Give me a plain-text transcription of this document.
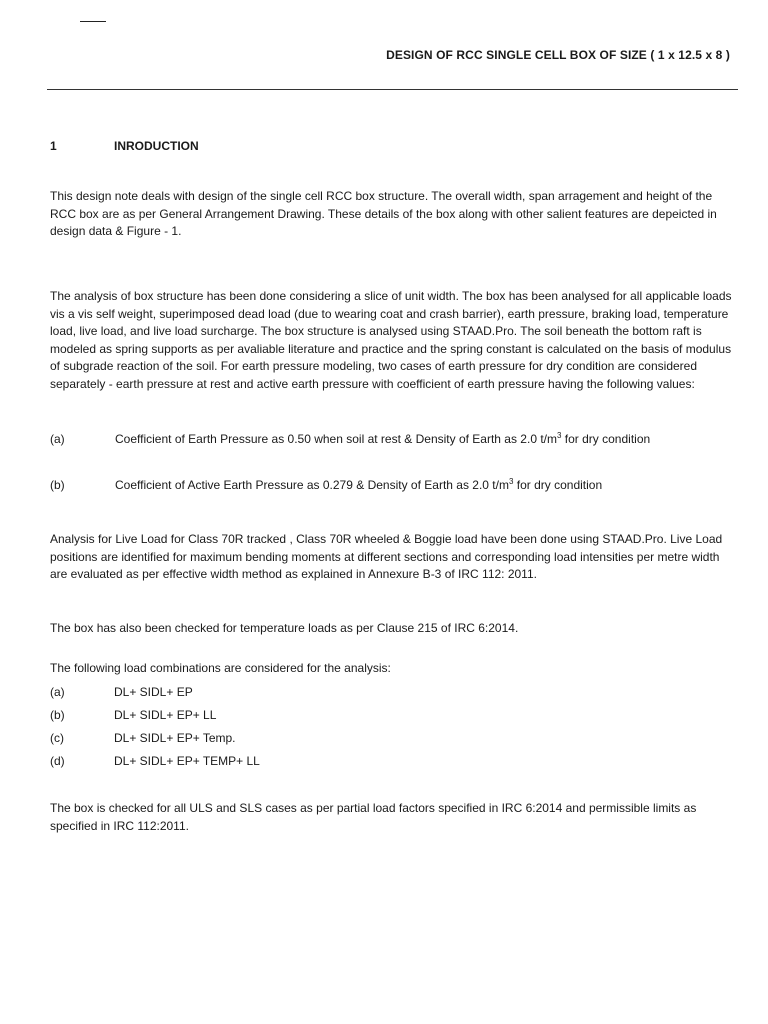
DESIGN OF RCC SINGLE CELL BOX OF SIZE ( 1 x 12.5 x 8 )
1	INRODUCTION

This design note deals with design of the single cell RCC box structure. The overall width, span arragement and height of the RCC box are as per General Arrangement Drawing. These details of the box along with other salient features are depeicted in design data & Figure - 1.

The analysis of box structure has been done considering a slice of unit width. The box has been analysed for all applicable loads vis a vis self weight, superimposed dead load (due to wearing coat and crash barrier), earth pressure, braking load, temperature load, live load, and live load surcharge. The box structure is analysed using STAAD.Pro. The soil beneath the bottom raft is modeled as spring supports as per avaliable literature and practice and the spring constant is calculated on the basis of modulus of subgrade reaction of the soil. For earth pressure modeling, two cases of earth pressure for dry condition are considered separately - earth pressure at rest and active earth pressure with coefficient of earth pressure having the following values:

(a)	Coefficient of Earth Pressure as 0.50 when soil at rest & Density of Earth as 2.0 $t/m^3$ for dry condition
(b)	Coefficient of Active Earth Pressure as 0.279 & Density of Earth as 2.0 $t/m^3$ for dry condition

Analysis for Live Load for Class 70R tracked , Class 70R wheeled & Boggie load have been done using STAAD.Pro. Live Load positions are identified for maximum bending moments at different sections and corresponding load intensities per metre width are evaluated as per effective width method as explained in Annexure B-3 of IRC 112: 2011.

The box has also been checked for temperature loads as per Clause 215 of IRC 6:2014.

The following load combinations are considered for the analysis:

(a)	DL+ SIDL+ EP
(b)	DL+ SIDL+ EP+ LL
(c)	DL+ SIDL+ EP+ Temp.
(d)	DL+ SIDL+ EP+ TEMP+ LL

The box is checked for all ULS and SLS cases as per partial load factors specified in IRC 6:2014 and permissible limits as specified in IRC 112:2011.
